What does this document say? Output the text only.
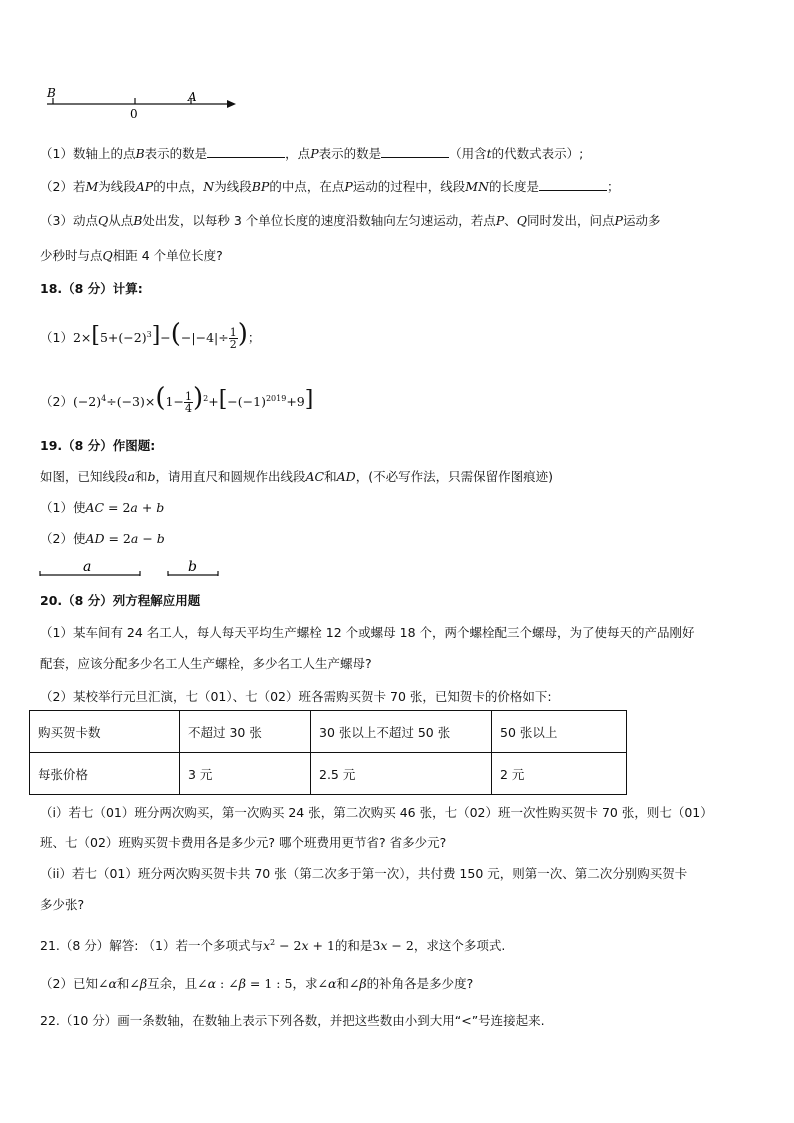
B
0
A
（1）数轴上的点B表示的数是	，点P表示的数是	（用含t的代数式表示）;
（2）若M为线段AP的中点，N为线段BP的中点，在点P运动的过程中，线段MN的长度是	；
（3）动点Q从点B处出发，以每秒 3 个单位长度的速度沿数轴向左匀速运动，若点P、Q同时发出，问点P运动多
少秒时与点Q相距 4 个单位长度?
18.（8 分）计算:
$(1)2\times[5+(-2)^3]-(-|-4|\div \frac{1}{2}$ )；
$(2)(-2)^4\div(-3)\times(1- \frac{1}{4} )^2+[-(-1)^{2019}+9]$
19.（8 分）作图题:
如图，已知线段a和b，请用直尺和圆规作出线段AC和AD，(不必写作法，只需保留作图痕迹)
（1）使AC = 2a + b
（2）使AD = 2a − b
a	b
20.（8 分）列方程解应用题
（1）某车间有 24 名工人，每人每天平均生产螺栓 12 个或螺母 18 个，两个螺栓配三个螺母，为了使每天的产品刚好
配套，应该分配多少名工人生产螺栓，多少名工人生产螺母?
（2）某校举行元旦汇演，七（01）、七（02）班各需购买贺卡 70 张，已知贺卡的价格如下:
购买贺卡数	不超过 30 张	30 张以上不超过 50 张	50 张以上
每张价格	3 元	2.5 元	2 元
（i）若七（01）班分两次购买，第一次购买 24 张，第二次购买 46 张，七（02）班一次性购买贺卡 70 张，则七（01）
班、七（02）班购买贺卡费用各是多少元? 哪个班费用更节省? 省多少元?
（ii）若七（01）班分两次购买贺卡共 70 张（第二次多于第一次），共付费 150 元，则第一次、第二次分别购买贺卡
多少张?
21.（8 分）解答: （1）若一个多项式与$x^2 - 2x + 1$的和是3x − 2，求这个多项式.
（2）已知∠α和∠β互余，且∠α : ∠β = 1 : 5，求∠α和∠β的补角各是多少度?
22.（10 分）画一条数轴，在数轴上表示下列各数，并把这些数由小到大用“<”号连接起来.
